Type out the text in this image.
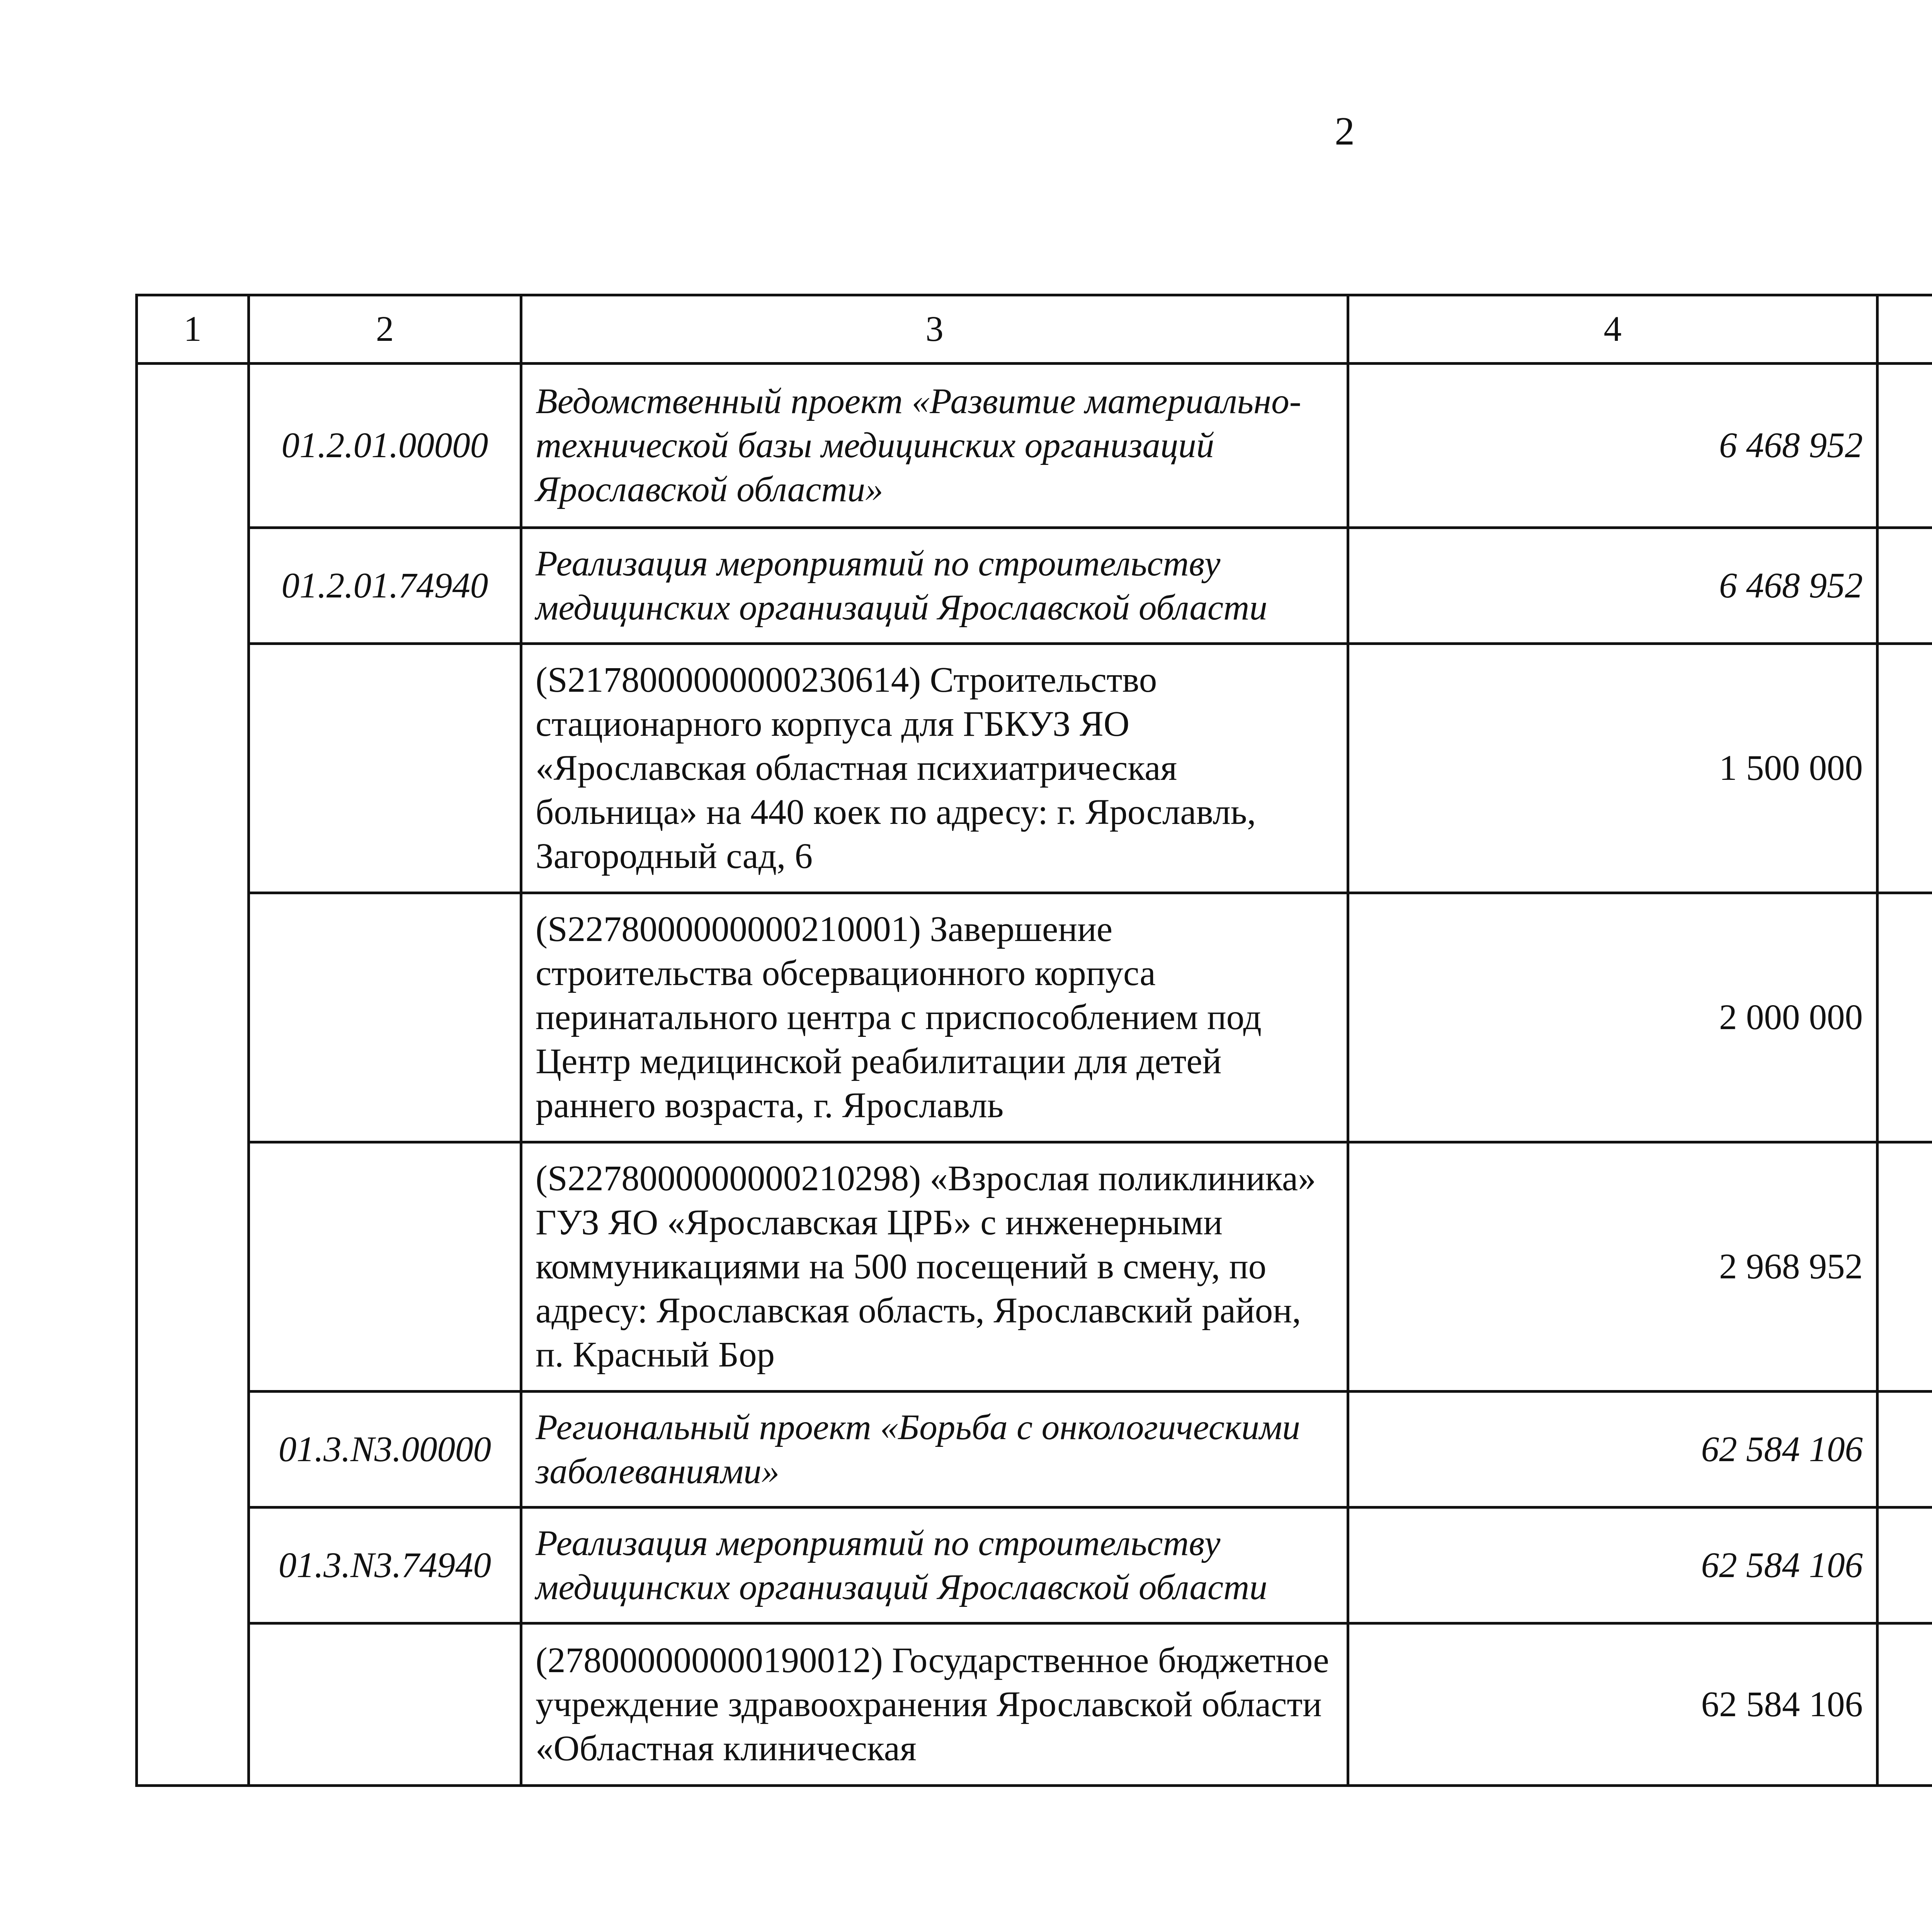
2
1	2	3	4			
	01.2.01.00000	Ведомственный проект «Развитие материально-технической базы медицинских организаций Ярославской области»	6 468 952			
	01.2.01.74940	Реализация мероприятий по строительству медицинских организаций Ярославской области	6 468 952			
		(S2178000000000230614) Строительство стационарного корпуса для ГБКУЗ ЯО «Ярославская областная психиатрическая больница» на 440 коек по адресу: г. Ярославль, Загородный сад, 6	1 500 000			
		(S2278000000000210001) Завершение строительства обсервационного корпуса перинатального центра с приспособлением под Центр медицинской реабилитации для детей раннего возраста, г. Ярославль	2 000 000			
		(S2278000000000210298) «Взрослая поликлиника» ГУЗ ЯО «Ярославская ЦРБ» с инженерными коммуникациями на 500 посещений в смену, по адресу: Ярославская область, Ярославский район, п. Красный Бор	2 968 952			
	01.3.N3.00000	Региональный проект «Борьба с онкологическими заболеваниями»	62 584 106			
	01.3.N3.74940	Реализация мероприятий по строительству медицинских организаций Ярославской области	62 584 106			
		(278000000000190012) Государственное бюджетное учреждение здравоохранения Ярославской области «Областная клиническая	62 584 106			
